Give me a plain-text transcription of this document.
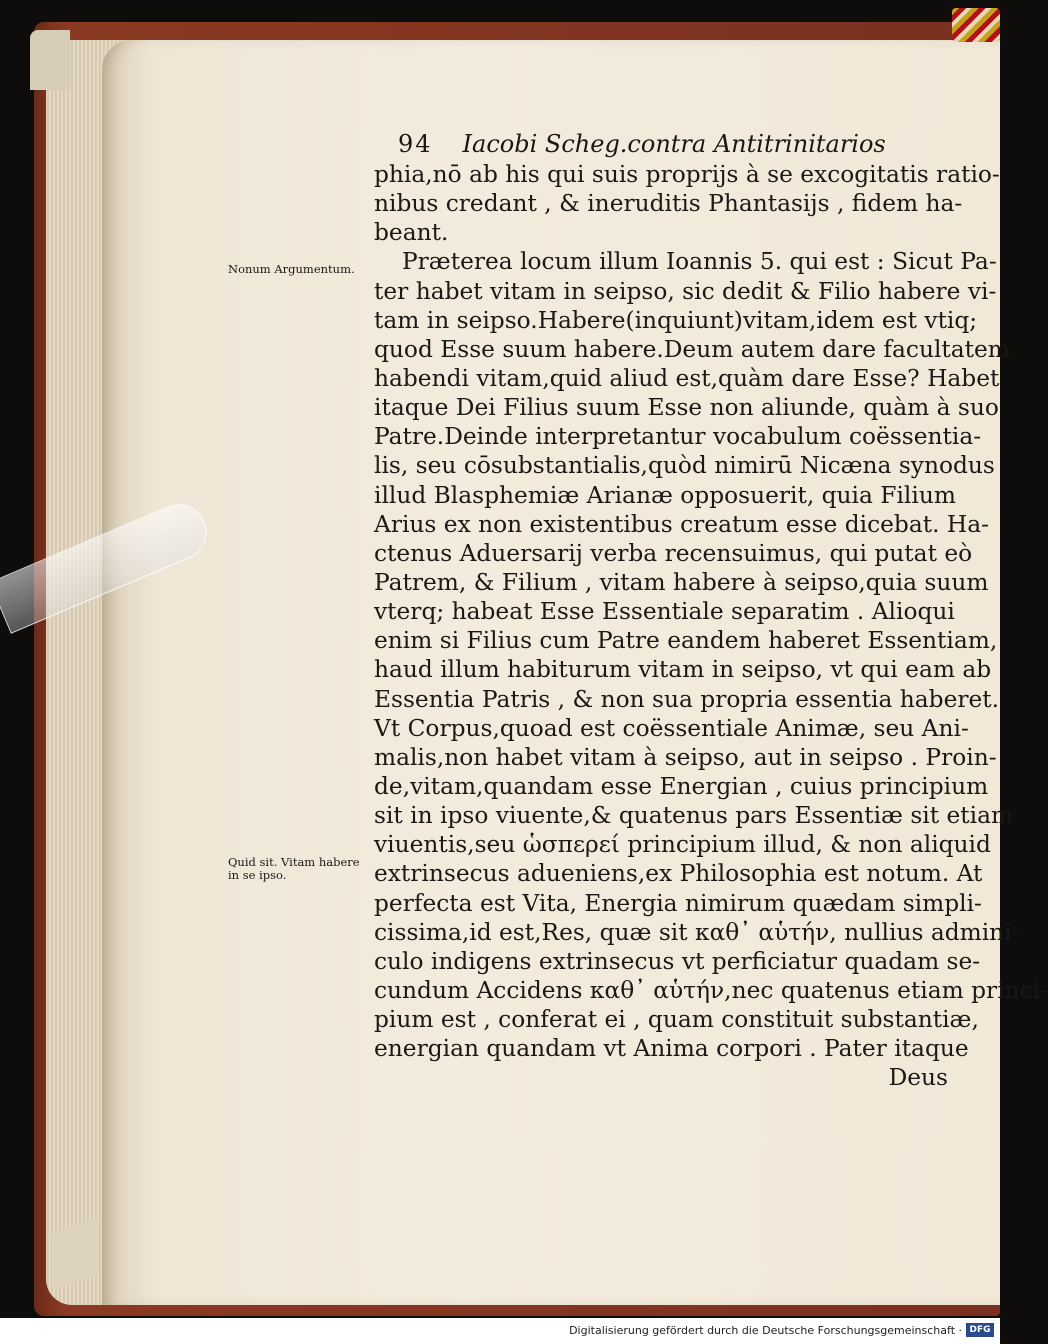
94 Iacobi Scheg.contra Antitrinitarios
Nonum Argumentum.
Quid sit. Vitam habere in se ipso.
phia,nō ab his qui suis proprijs à se excogitatis ratio-
nibus credant , & ineruditis Phantasijs , fidem ha-
beant.
Præterea locum illum Ioannis 5. qui est : Sicut Pa-
ter habet vitam in seipso, sic dedit & Filio habere vi-
tam in seipso.Habere(inquiunt)vitam,idem est vtiq;
quod Esse suum habere.Deum autem dare facultatem
habendi vitam,quid aliud est,quàm dare Esse? Habet
itaque Dei Filius suum Esse non aliunde, quàm à suo
Patre.Deinde interpretantur vocabulum coëssentia-
lis, seu cōsubstantialis,quòd nimirū Nicæna synodus
illud Blasphemiæ Arianæ opposuerit, quia Filium
Arius ex non existentibus creatum esse dicebat. Ha-
ctenus Aduersarij verba recensuimus, qui putat eò
Patrem, & Filium , vitam habere à seipso,quia suum
vterq; habeat Esse Essentiale separatim . Alioqui
enim si Filius cum Patre eandem haberet Essentiam,
haud illum habiturum vitam in seipso, vt qui eam ab
Essentia Patris , & non sua propria essentia haberet.
Vt Corpus,quoad est coëssentiale Animæ, seu Ani-
malis,non habet vitam à seipso, aut in seipso . Proin-
de,vitam,quandam esse Energian , cuius principium
sit in ipso viuente,& quatenus pars Essentiæ sit etiam
viuentis,seu ὡσπερεί principium illud, & non aliquid
extrinsecus adueniens,ex Philosophia est notum. At
perfecta est Vita, Energia nimirum quædam simpli-
cissima,id est,Res, quæ sit καθ᾽ αὑτήν, nullius admini-
culo indigens extrinsecus vt perficiatur quadam se-
cundum Accidens καθ᾽ αὑτήν,nec quatenus etiam princi-
pium est , conferat ei , quam constituit substantiæ,
energian quandam vt Anima corpori . Pater itaque
Deus
Digitalisierung gefördert durch die Deutsche Forschungsgemeinschaft · DFG
